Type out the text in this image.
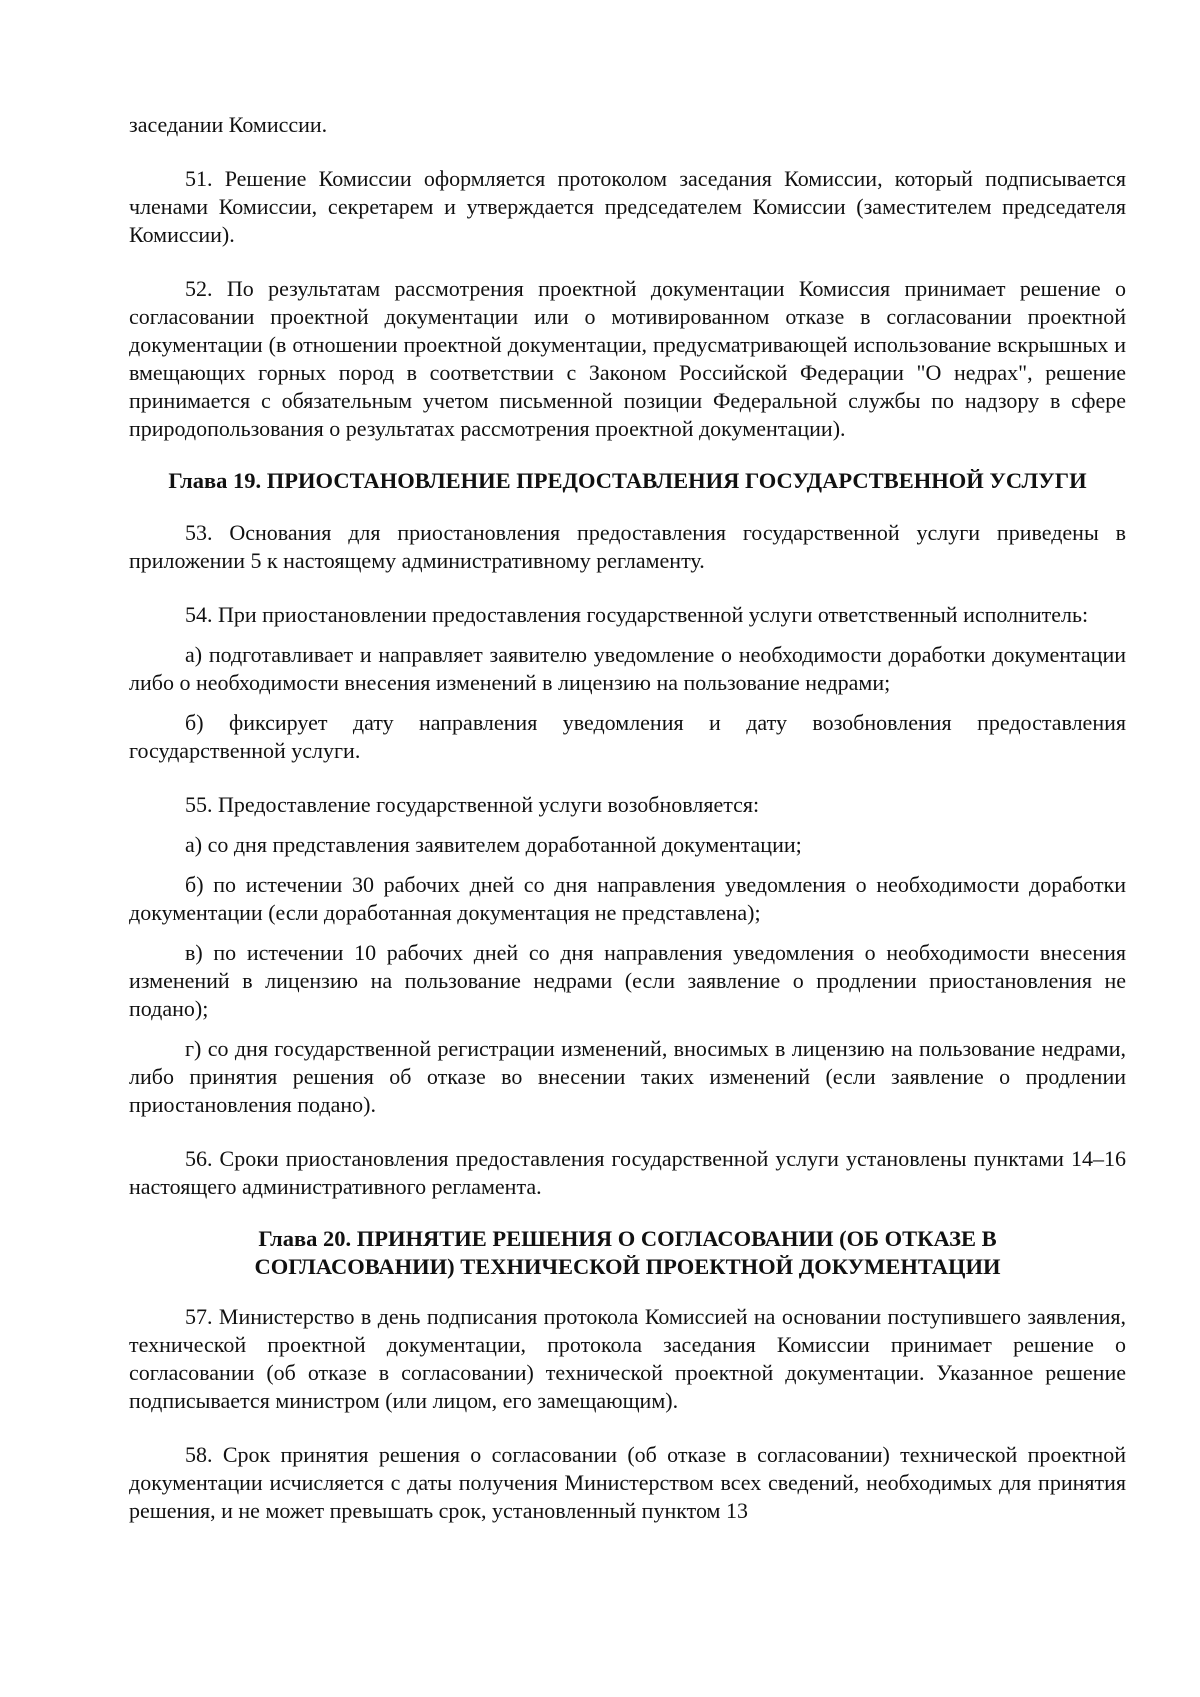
заседании Комиссии.

51. Решение Комиссии оформляется протоколом заседания Комиссии, который подписывается членами Комиссии, секретарем и утверждается председателем Комиссии (заместителем председателя Комиссии).

52. По результатам рассмотрения проектной документации Комиссия принимает решение о согласовании проектной документации или о мотивированном отказе в согласовании проектной документации (в отношении проектной документации, предусматривающей использование вскрышных и вмещающих горных пород в соответствии с Законом Российской Федерации "О недрах", решение принимается с обязательным учетом письменной позиции Федеральной службы по надзору в сфере природопользования о результатах рассмотрения проектной документации).

Глава 19. ПРИОСТАНОВЛЕНИЕ ПРЕДОСТАВЛЕНИЯ ГОСУДАРСТВЕННОЙ УСЛУГИ

53. Основания для приостановления предоставления государственной услуги приведены в приложении 5 к настоящему административному регламенту.

54. При приостановлении предоставления государственной услуги ответственный исполнитель:

а) подготавливает и направляет заявителю уведомление о необходимости доработки документации либо о необходимости внесения изменений в лицензию на пользование недрами;

б) фиксирует дату направления уведомления и дату возобновления предоставления государственной услуги.

55. Предоставление государственной услуги возобновляется:

а) со дня представления заявителем доработанной документации;

б) по истечении 30 рабочих дней со дня направления уведомления о необходимости доработки документации (если доработанная документация не представлена);

в) по истечении 10 рабочих дней со дня направления уведомления о необходимости внесения изменений в лицензию на пользование недрами (если заявление о продлении приостановления не подано);

г) со дня государственной регистрации изменений, вносимых в лицензию на пользование недрами, либо принятия решения об отказе во внесении таких изменений (если заявление о продлении приостановления подано).

56. Сроки приостановления предоставления государственной услуги установлены пунктами 14–16 настоящего административного регламента.

Глава 20. ПРИНЯТИЕ РЕШЕНИЯ О СОГЛАСОВАНИИ (ОБ ОТКАЗЕ В
СОГЛАСОВАНИИ) ТЕХНИЧЕСКОЙ ПРОЕКТНОЙ ДОКУМЕНТАЦИИ

57. Министерство в день подписания протокола Комиссией на основании поступившего заявления, технической проектной документации, протокола заседания Комиссии принимает решение о согласовании (об отказе в согласовании) технической проектной документации. Указанное решение подписывается министром (или лицом, его замещающим).

58. Срок принятия решения о согласовании (об отказе в согласовании) технической проектной документации исчисляется с даты получения Министерством всех сведений, необходимых для принятия решения, и не может превышать срок, установленный пунктом 13
